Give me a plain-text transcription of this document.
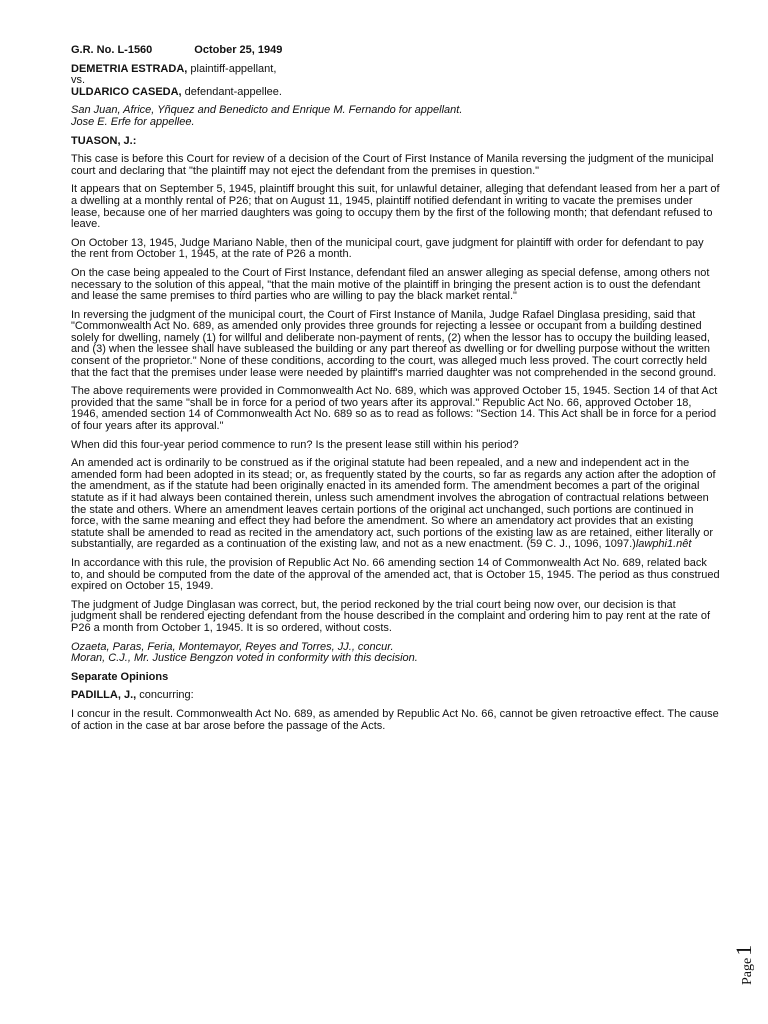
G.R. No. L-1560	October 25, 1949

DEMETRIA ESTRADA, plaintiff-appellant,

vs.

ULDARICO CASEDA, defendant-appellee.

San Juan, Africe, Yñquez and Benedicto and Enrique M. Fernando for appellant.

Jose E. Erfe for appellee.

TUASON, J.:

This case is before this Court for review of a decision of the Court of First Instance of Manila reversing the judgment of the municipal court and declaring that "the plaintiff may not eject the defendant from the premises in question."

It appears that on September 5, 1945, plaintiff brought this suit, for unlawful detainer, alleging that defendant leased from her a part of a dwelling at a monthly rental of P26; that on August 11, 1945, plaintiff notified defendant in writing to vacate the premises under lease, because one of her married daughters was going to occupy them by the first of the following month; that defendant refused to leave.

On October 13, 1945, Judge Mariano Nable, then of the municipal court, gave judgment for plaintiff with order for defendant to pay the rent from October 1, 1945, at the rate of P26 a month.

On the case being appealed to the Court of First Instance, defendant filed an answer alleging as special defense, among others not necessary to the solution of this appeal, "that the main motive of the plaintiff in bringing the present action is to oust the defendant and lease the same premises to third parties who are willing to pay the black market rental."

In reversing the judgment of the municipal court, the Court of First Instance of Manila, Judge Rafael Dinglasa presiding, said that "Commonwealth Act No. 689, as amended only provides three grounds for rejecting a lessee or occupant from a building destined solely for dwelling, namely (1) for willful and deliberate non-payment of rents, (2) when the lessor has to occupy the building leased, and (3) when the lessee shall have subleased the building or any part thereof as dwelling or for dwelling purpose without the written consent of the proprietor." None of these conditions, according to the court, was alleged much less proved. The court correctly held that the fact that the premises under lease were needed by plaintiff's married daughter was not comprehended in the second ground.

The above requirements were provided in Commonwealth Act No. 689, which was approved October 15, 1945. Section 14 of that Act provided that the same "shall be in force for a period of two years after its approval." Republic Act No. 66, approved October 18, 1946, amended section 14 of Commonwealth Act No. 689 so as to read as follows: "Section 14. This Act shall be in force for a period of four years after its approval."

When did this four-year period commence to run? Is the present lease still within his period?

An amended act is ordinarily to be construed as if the original statute had been repealed, and a new and independent act in the amended form had been adopted in its stead; or, as frequently stated by the courts, so far as regards any action after the adoption of the amendment, as if the statute had been originally enacted in its amended form. The amendment becomes a part of the original statute as if it had always been contained therein, unless such amendment involves the abrogation of contractual relations between the state and others. Where an amendment leaves certain portions of the original act unchanged, such portions are continued in force, with the same meaning and effect they had before the amendment. So where an amendatory act provides that an existing statute shall be amended to read as recited in the amendatory act, such portions of the existing law as are retained, either literally or substantially, are regarded as a continuation of the existing law, and not as a new enactment. (59 C. J., 1096, 1097.)lawphi1.nêt

In accordance with this rule, the provision of Republic Act No. 66 amending section 14 of Commonwealth Act No. 689, related back to, and should be computed from the date of the approval of the amended act, that is October 15, 1945. The period as thus construed expired on October 15, 1949.

The judgment of Judge Dinglasan was correct, but, the period reckoned by the trial court being now over, our decision is that judgment shall be rendered ejecting defendant from the house described in the complaint and ordering him to pay rent at the rate of P26 a month from October 1, 1945. It is so ordered, without costs.

Ozaeta, Paras, Feria, Montemayor, Reyes and Torres, JJ., concur.

Moran, C.J., Mr. Justice Bengzon voted in conformity with this decision.

Separate Opinions

PADILLA, J., concurring:

I concur in the result. Commonwealth Act No. 689, as amended by Republic Act No. 66, cannot be given retroactive effect. The cause of action in the case at bar arose before the passage of the Acts.

Page1
